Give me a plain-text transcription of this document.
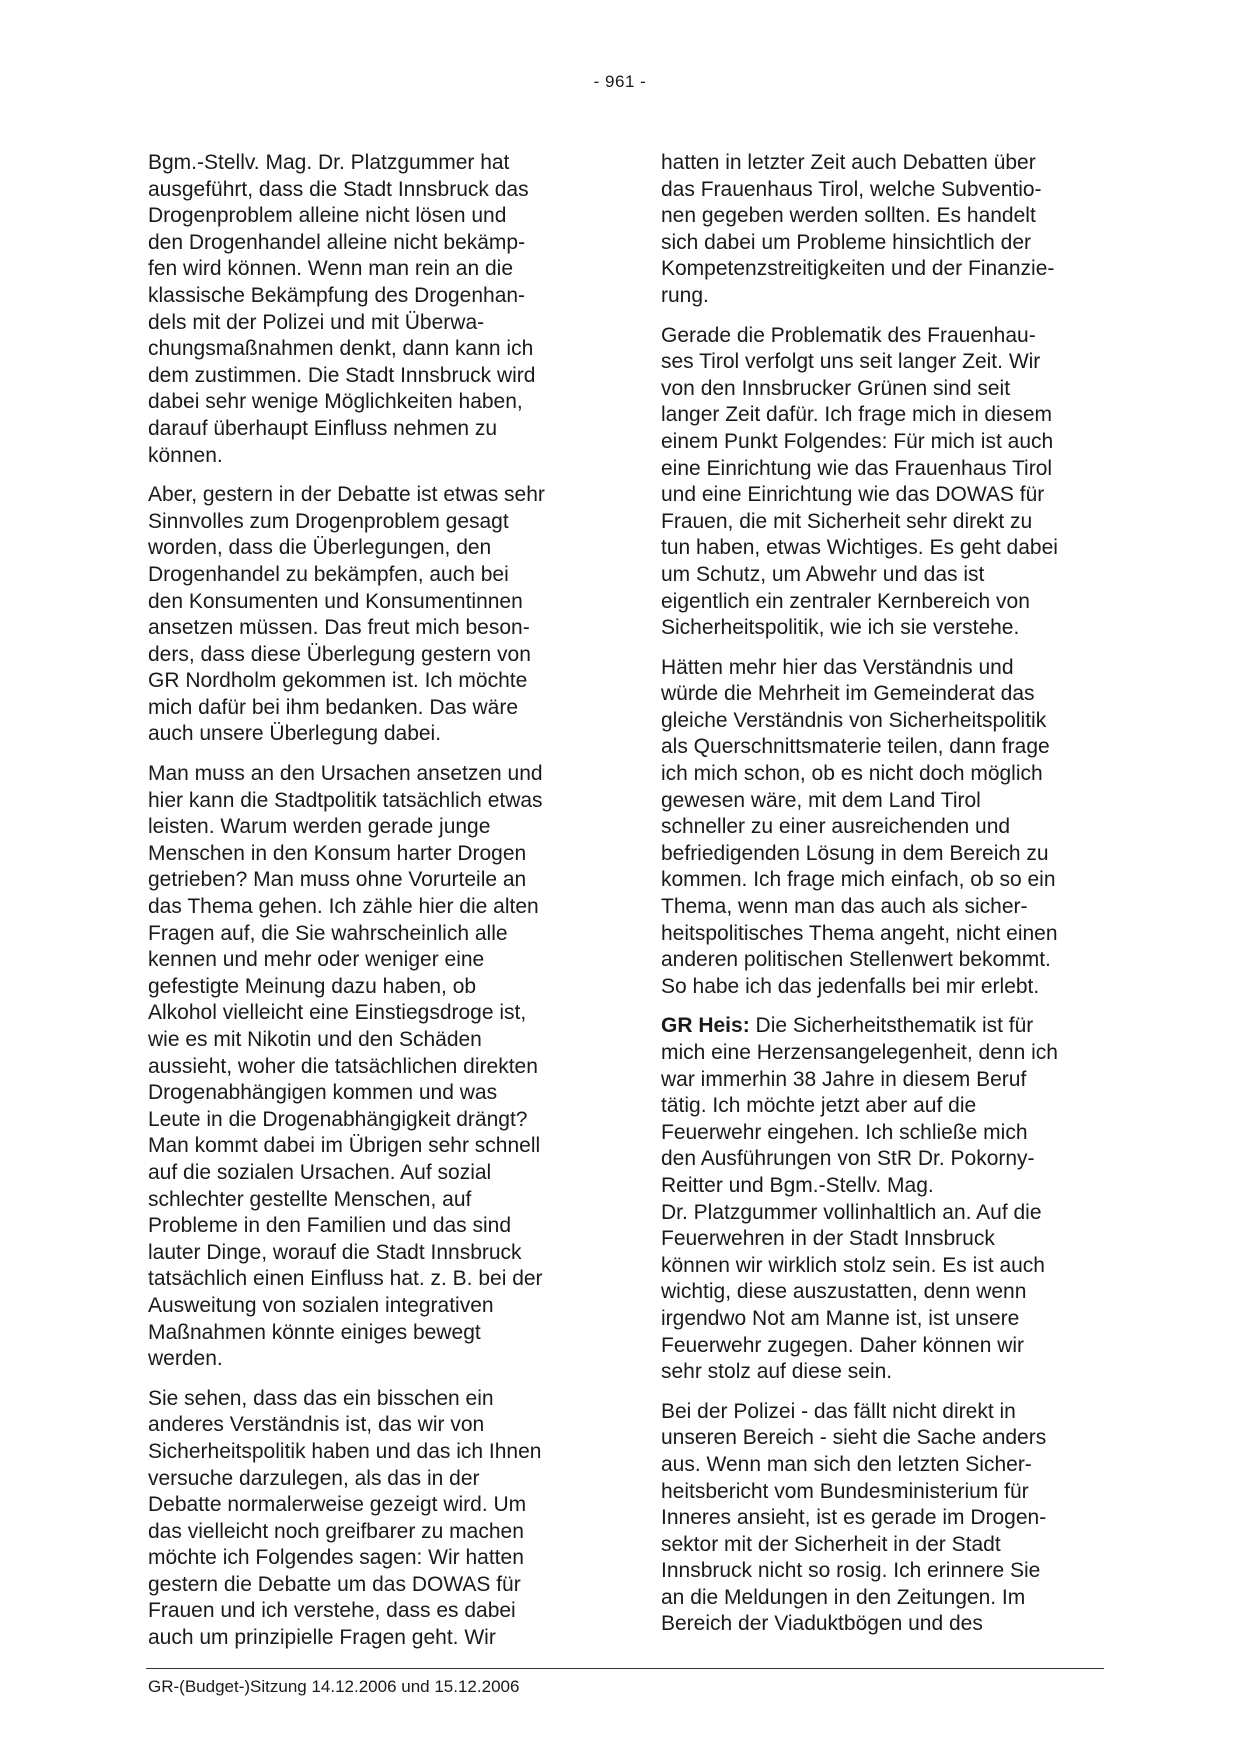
- 961 -

Bgm.-Stellv. Mag. Dr. Platzgummer hat
ausgeführt, dass die Stadt Innsbruck das
Drogenproblem alleine nicht lösen und
den Drogenhandel alleine nicht bekämp-
fen wird können. Wenn man rein an die
klassische Bekämpfung des Drogenhan-
dels mit der Polizei und mit Überwa-
chungsmaßnahmen denkt, dann kann ich
dem zustimmen. Die Stadt Innsbruck wird
dabei sehr wenige Möglichkeiten haben,
darauf überhaupt Einfluss nehmen zu
können.

Aber, gestern in der Debatte ist etwas sehr
Sinnvolles zum Drogenproblem gesagt
worden, dass die Überlegungen, den
Drogenhandel zu bekämpfen, auch bei
den Konsumenten und Konsumentinnen
ansetzen müssen. Das freut mich beson-
ders, dass diese Überlegung gestern von
GR Nordholm gekommen ist. Ich möchte
mich dafür bei ihm bedanken. Das wäre
auch unsere Überlegung dabei.

Man muss an den Ursachen ansetzen und
hier kann die Stadtpolitik tatsächlich etwas
leisten. Warum werden gerade junge
Menschen in den Konsum harter Drogen
getrieben? Man muss ohne Vorurteile an
das Thema gehen. Ich zähle hier die alten
Fragen auf, die Sie wahrscheinlich alle
kennen und mehr oder weniger eine
gefestigte Meinung dazu haben, ob
Alkohol vielleicht eine Einstiegsdroge ist,
wie es mit Nikotin und den Schäden
aussieht, woher die tatsächlichen direkten
Drogenabhängigen kommen und was
Leute in die Drogenabhängigkeit drängt?
Man kommt dabei im Übrigen sehr schnell
auf die sozialen Ursachen. Auf sozial
schlechter gestellte Menschen, auf
Probleme in den Familien und das sind
lauter Dinge, worauf die Stadt Innsbruck
tatsächlich einen Einfluss hat. z. B. bei der
Ausweitung von sozialen integrativen
Maßnahmen könnte einiges bewegt
werden.

Sie sehen, dass das ein bisschen ein
anderes Verständnis ist, das wir von
Sicherheitspolitik haben und das ich Ihnen
versuche darzulegen, als das in der
Debatte normalerweise gezeigt wird. Um
das vielleicht noch greifbarer zu machen
möchte ich Folgendes sagen: Wir hatten
gestern die Debatte um das DOWAS für
Frauen und ich verstehe, dass es dabei
auch um prinzipielle Fragen geht. Wir

hatten in letzter Zeit auch Debatten über
das Frauenhaus Tirol, welche Subventio-
nen gegeben werden sollten. Es handelt
sich dabei um Probleme hinsichtlich der
Kompetenzstreitigkeiten und der Finanzie-
rung.

Gerade die Problematik des Frauenhau-
ses Tirol verfolgt uns seit langer Zeit. Wir
von den Innsbrucker Grünen sind seit
langer Zeit dafür. Ich frage mich in diesem
einem Punkt Folgendes: Für mich ist auch
eine Einrichtung wie das Frauenhaus Tirol
und eine Einrichtung wie das DOWAS für
Frauen, die mit Sicherheit sehr direkt zu
tun haben, etwas Wichtiges. Es geht dabei
um Schutz, um Abwehr und das ist
eigentlich ein zentraler Kernbereich von
Sicherheitspolitik, wie ich sie verstehe.

Hätten mehr hier das Verständnis und
würde die Mehrheit im Gemeinderat das
gleiche Verständnis von Sicherheitspolitik
als Querschnittsmaterie teilen, dann frage
ich mich schon, ob es nicht doch möglich
gewesen wäre, mit dem Land Tirol
schneller zu einer ausreichenden und
befriedigenden Lösung in dem Bereich zu
kommen. Ich frage mich einfach, ob so ein
Thema, wenn man das auch als sicher-
heitspolitisches Thema angeht, nicht einen
anderen politischen Stellenwert bekommt.
So habe ich das jedenfalls bei mir erlebt.

GR Heis: Die Sicherheitsthematik ist für
mich eine Herzensangelegenheit, denn ich
war immerhin 38 Jahre in diesem Beruf
tätig. Ich möchte jetzt aber auf die
Feuerwehr eingehen. Ich schließe mich
den Ausführungen von StR Dr. Pokorny-
Reitter und Bgm.-Stellv. Mag.
Dr. Platzgummer vollinhaltlich an. Auf die
Feuerwehren in der Stadt Innsbruck
können wir wirklich stolz sein. Es ist auch
wichtig, diese auszustatten, denn wenn
irgendwo Not am Manne ist, ist unsere
Feuerwehr zugegen. Daher können wir
sehr stolz auf diese sein.

Bei der Polizei - das fällt nicht direkt in
unseren Bereich - sieht die Sache anders
aus. Wenn man sich den letzten Sicher-
heitsbericht vom Bundesministerium für
Inneres ansieht, ist es gerade im Drogen-
sektor mit der Sicherheit in der Stadt
Innsbruck nicht so rosig. Ich erinnere Sie
an die Meldungen in den Zeitungen. Im
Bereich der Viaduktbögen und des

GR-(Budget-)Sitzung 14.12.2006 und 15.12.2006
